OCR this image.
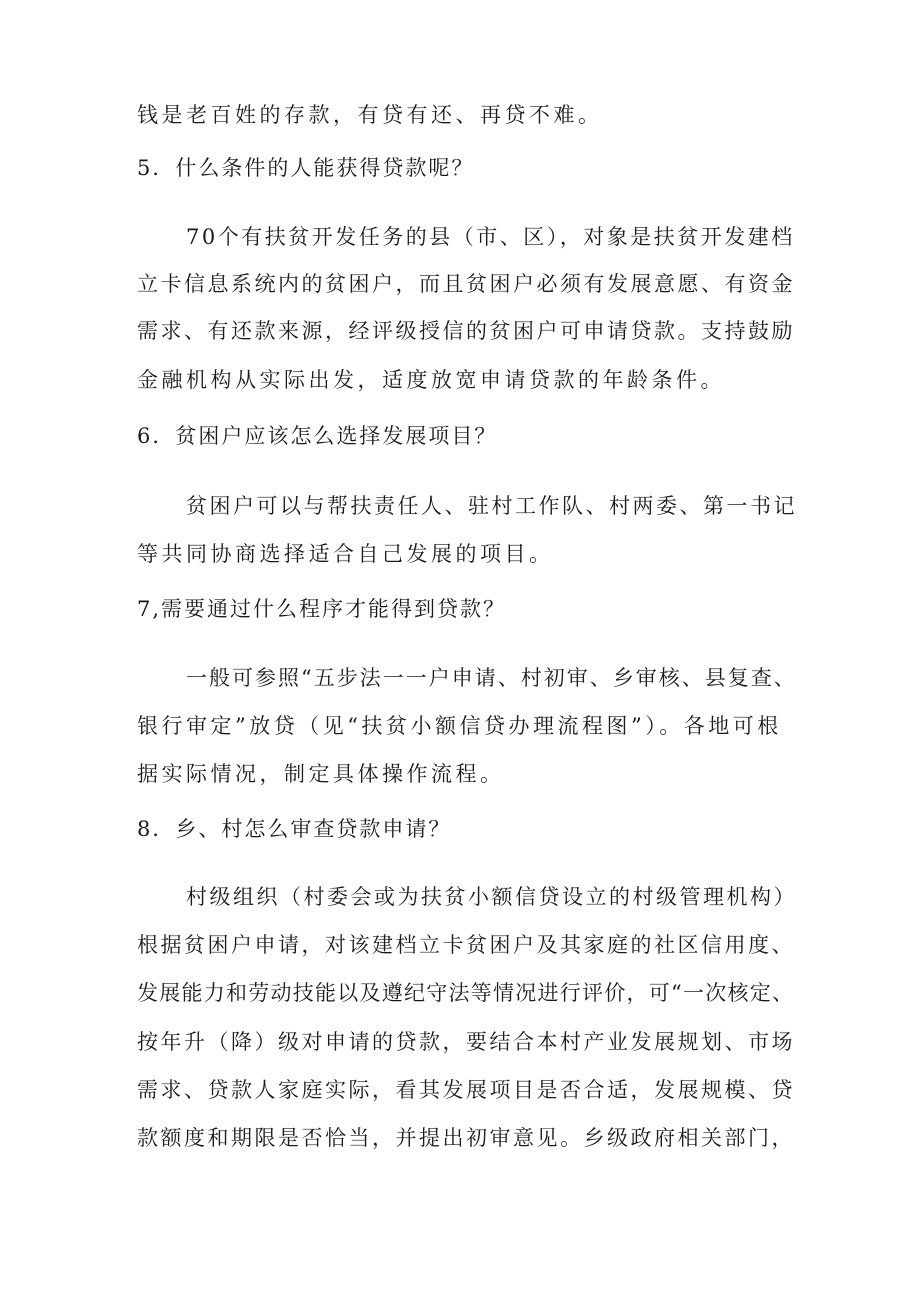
钱是老百姓的存款，有贷有还、再贷不难。
5．什么条件的人能获得贷款呢？
70个有扶贫开发任务的县（市、区），对象是扶贫开发建档
立卡信息系统内的贫困户，而且贫困户必须有发展意愿、有资金
需求、有还款来源，经评级授信的贫困户可申请贷款。支持鼓励
金融机构从实际出发，适度放宽申请贷款的年龄条件。
6．贫困户应该怎么选择发展项目？
贫困户可以与帮扶责任人、驻村工作队、村两委、第一书记
等共同协商选择适合自己发展的项目。
7,需要通过什么程序才能得到贷款？
一般可参照“五步法一一户申请、村初审、乡审核、县复查、
银行审定”放贷（见“扶贫小额信贷办理流程图”）。各地可根
据实际情况，制定具体操作流程。
8．乡、村怎么审查贷款申请？
村级组织（村委会或为扶贫小额信贷设立的村级管理机构）
根据贫困户申请，对该建档立卡贫困户及其家庭的社区信用度、
发展能力和劳动技能以及遵纪守法等情况进行评价，可“一次核定、
按年升（降）级对申请的贷款，要结合本村产业发展规划、市场
需求、贷款人家庭实际，看其发展项目是否合适，发展规模、贷
款额度和期限是否恰当，并提出初审意见。乡级政府相关部门，
